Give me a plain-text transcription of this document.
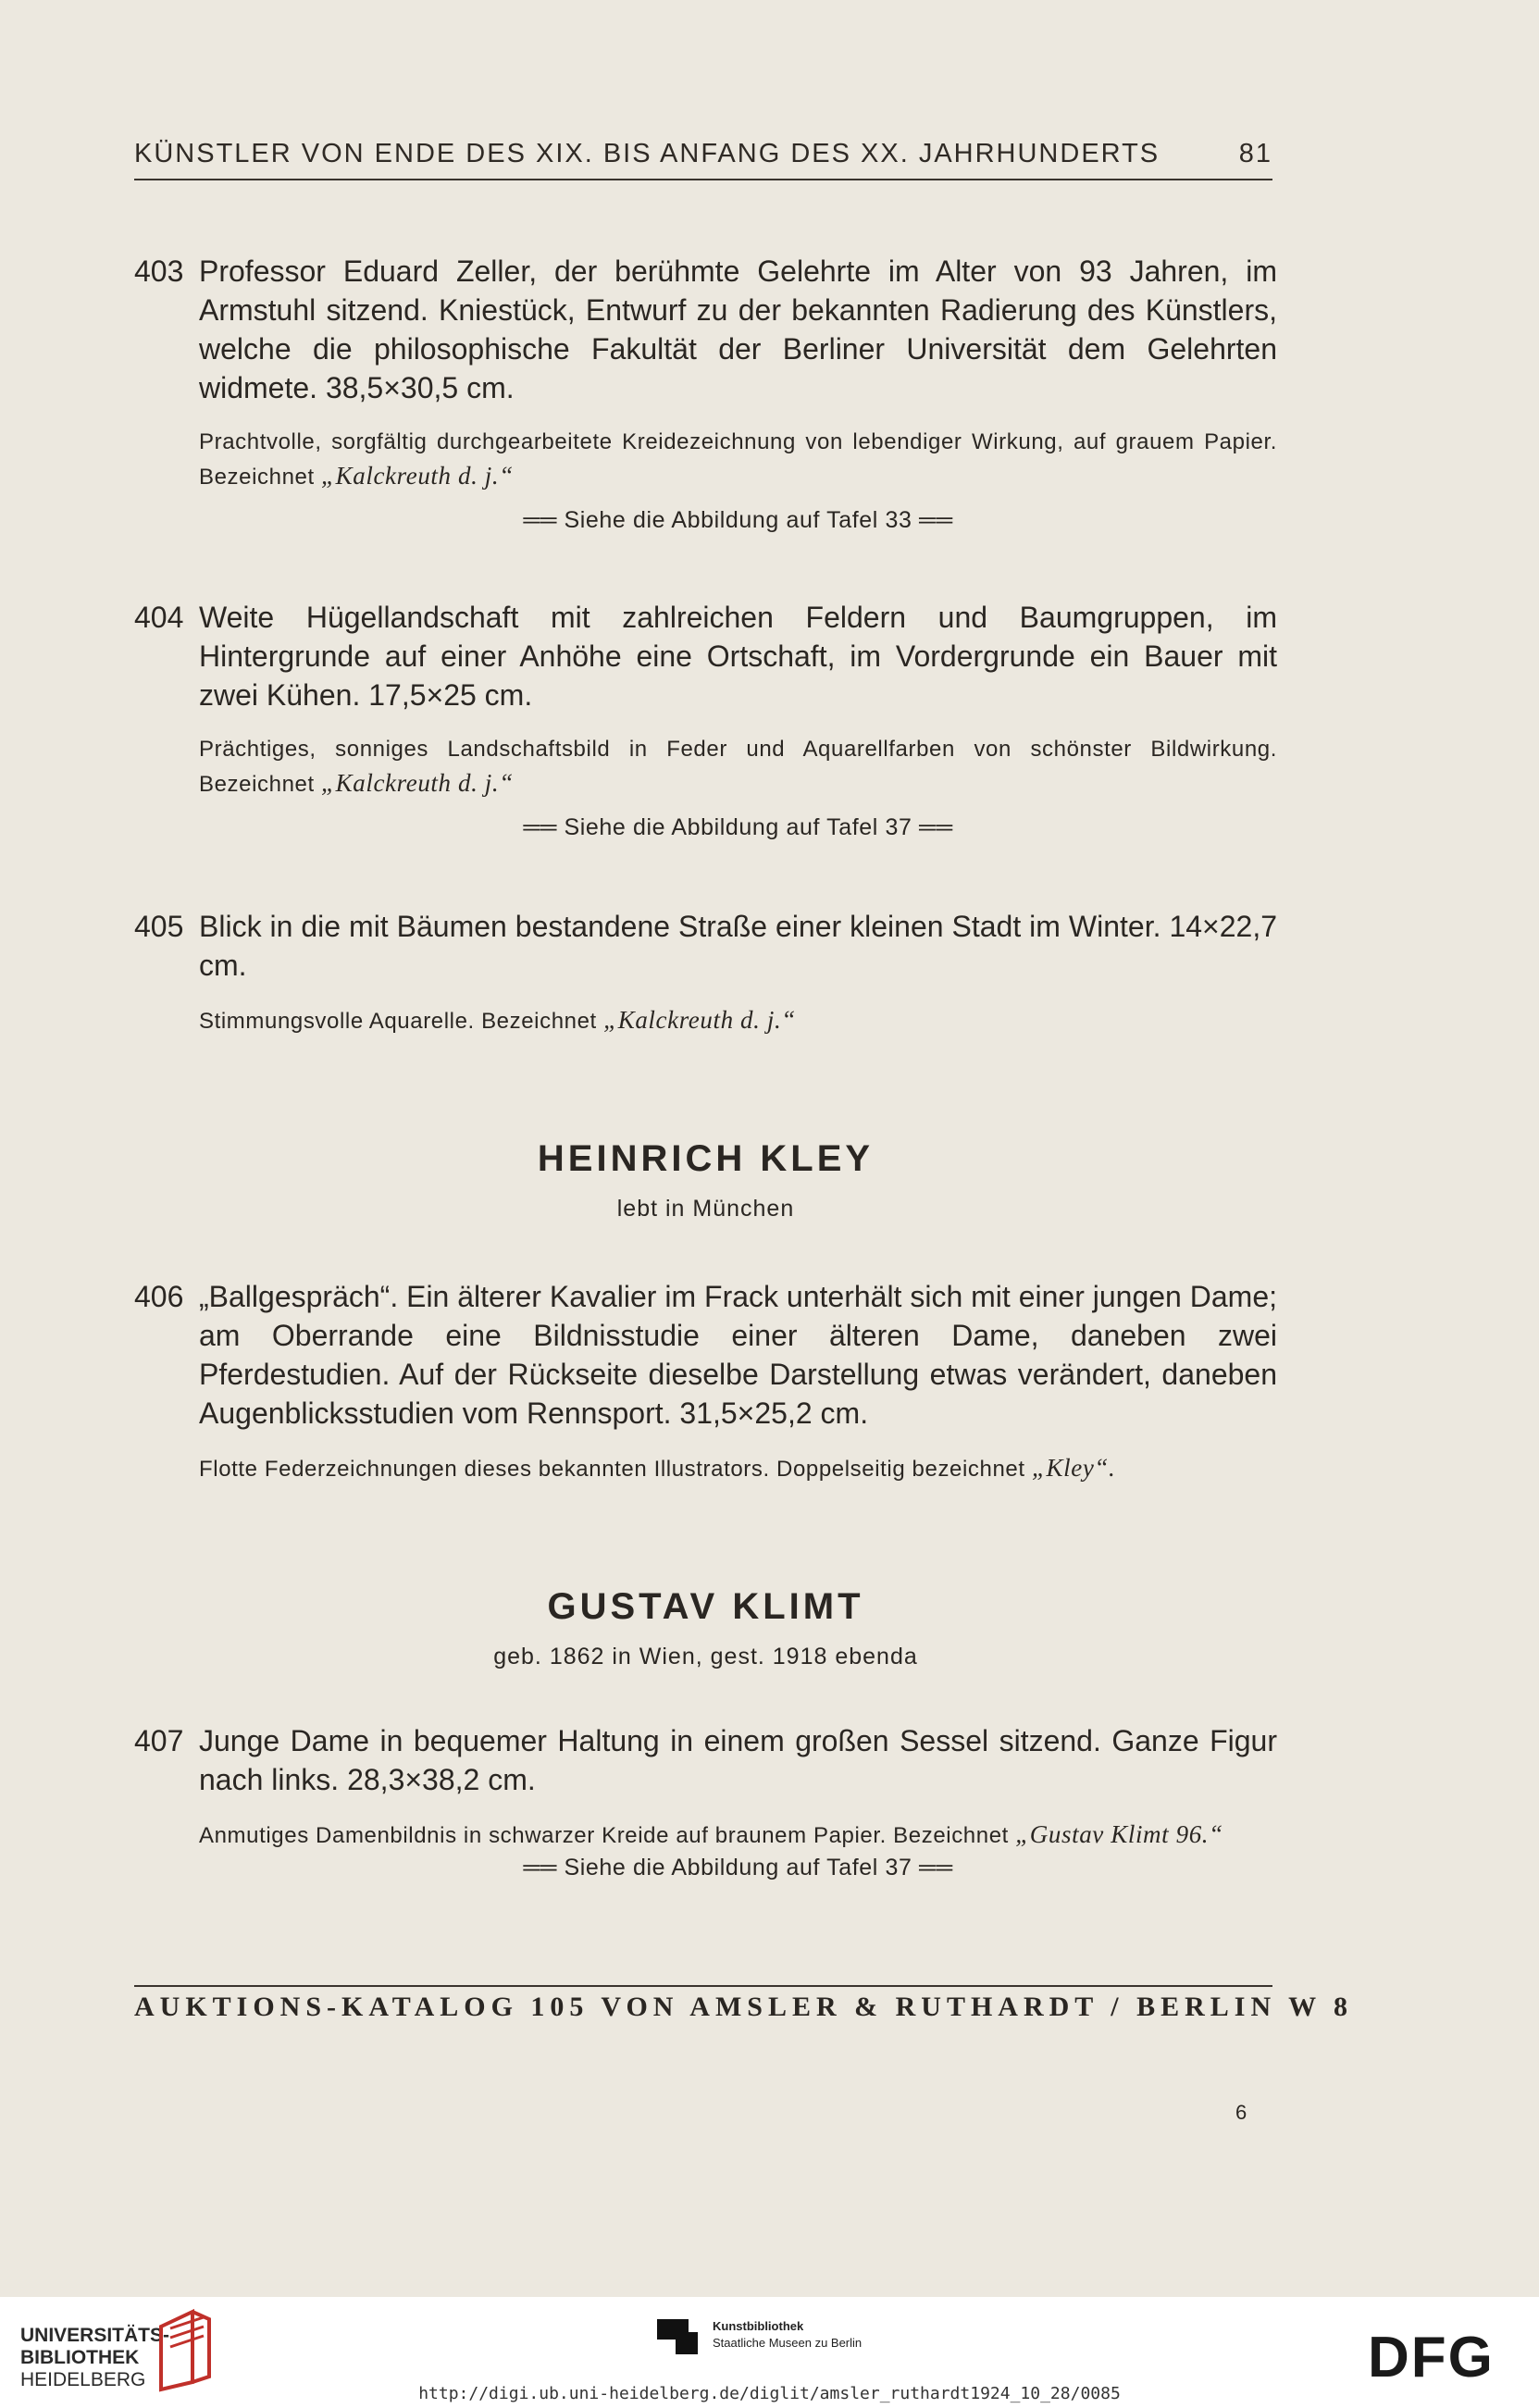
KÜNSTLER VON ENDE DES XIX. BIS ANFANG DES XX. JAHRHUNDERTS	81
403 Professor Eduard Zeller, der berühmte Gelehrte im Alter von 93 Jahren, im Armstuhl sitzend. Kniestück, Entwurf zu der bekannten Radierung des Künstlers, welche die philosophische Fakultät der Berliner Universität dem Gelehrten widmete. 38,5×30,5 cm.
Prachtvolle, sorgfältig durchgearbeitete Kreidezeichnung von lebendiger Wirkung, auf grauem Papier. Bezeichnet „Kalckreuth d. j.“
══ Siehe die Abbildung auf Tafel 33 ══
404 Weite Hügellandschaft mit zahlreichen Feldern und Baumgruppen, im Hintergrunde auf einer Anhöhe eine Ortschaft, im Vordergrunde ein Bauer mit zwei Kühen. 17,5×25 cm.
Prächtiges, sonniges Landschaftsbild in Feder und Aquarellfarben von schönster Bildwirkung. Bezeichnet „Kalckreuth d. j.“
══ Siehe die Abbildung auf Tafel 37 ══
405 Blick in die mit Bäumen bestandene Straße einer kleinen Stadt im Winter. 14×22,7 cm.
Stimmungsvolle Aquarelle. Bezeichnet „Kalckreuth d. j.“
HEINRICH KLEY
lebt in München
406 „Ballgespräch“. Ein älterer Kavalier im Frack unterhält sich mit einer jungen Dame; am Oberrande eine Bildnisstudie einer älteren Dame, daneben zwei Pferdestudien. Auf der Rückseite dieselbe Darstellung etwas verändert, daneben Augenblicksstudien vom Rennsport. 31,5×25,2 cm.
Flotte Federzeichnungen dieses bekannten Illustrators. Doppelseitig bezeichnet „Kley“.
GUSTAV KLIMT
geb. 1862 in Wien, gest. 1918 ebenda
407 Junge Dame in bequemer Haltung in einem großen Sessel sitzend. Ganze Figur nach links. 28,3×38,2 cm.
Anmutiges Damenbildnis in schwarzer Kreide auf braunem Papier. Bezeichnet „Gustav Klimt 96.“
══ Siehe die Abbildung auf Tafel 37 ══
AUKTIONS-KATALOG 105 VON AMSLER & RUTHARDT / BERLIN W 8
6
UNIVERSITÄTS-
BIBLIOTHEK
HEIDELBERG
Kunstbibliothek
Staatliche Museen zu Berlin	DFG
http://digi.ub.uni-heidelberg.de/diglit/amsler_ruthardt1924_10_28/0085
